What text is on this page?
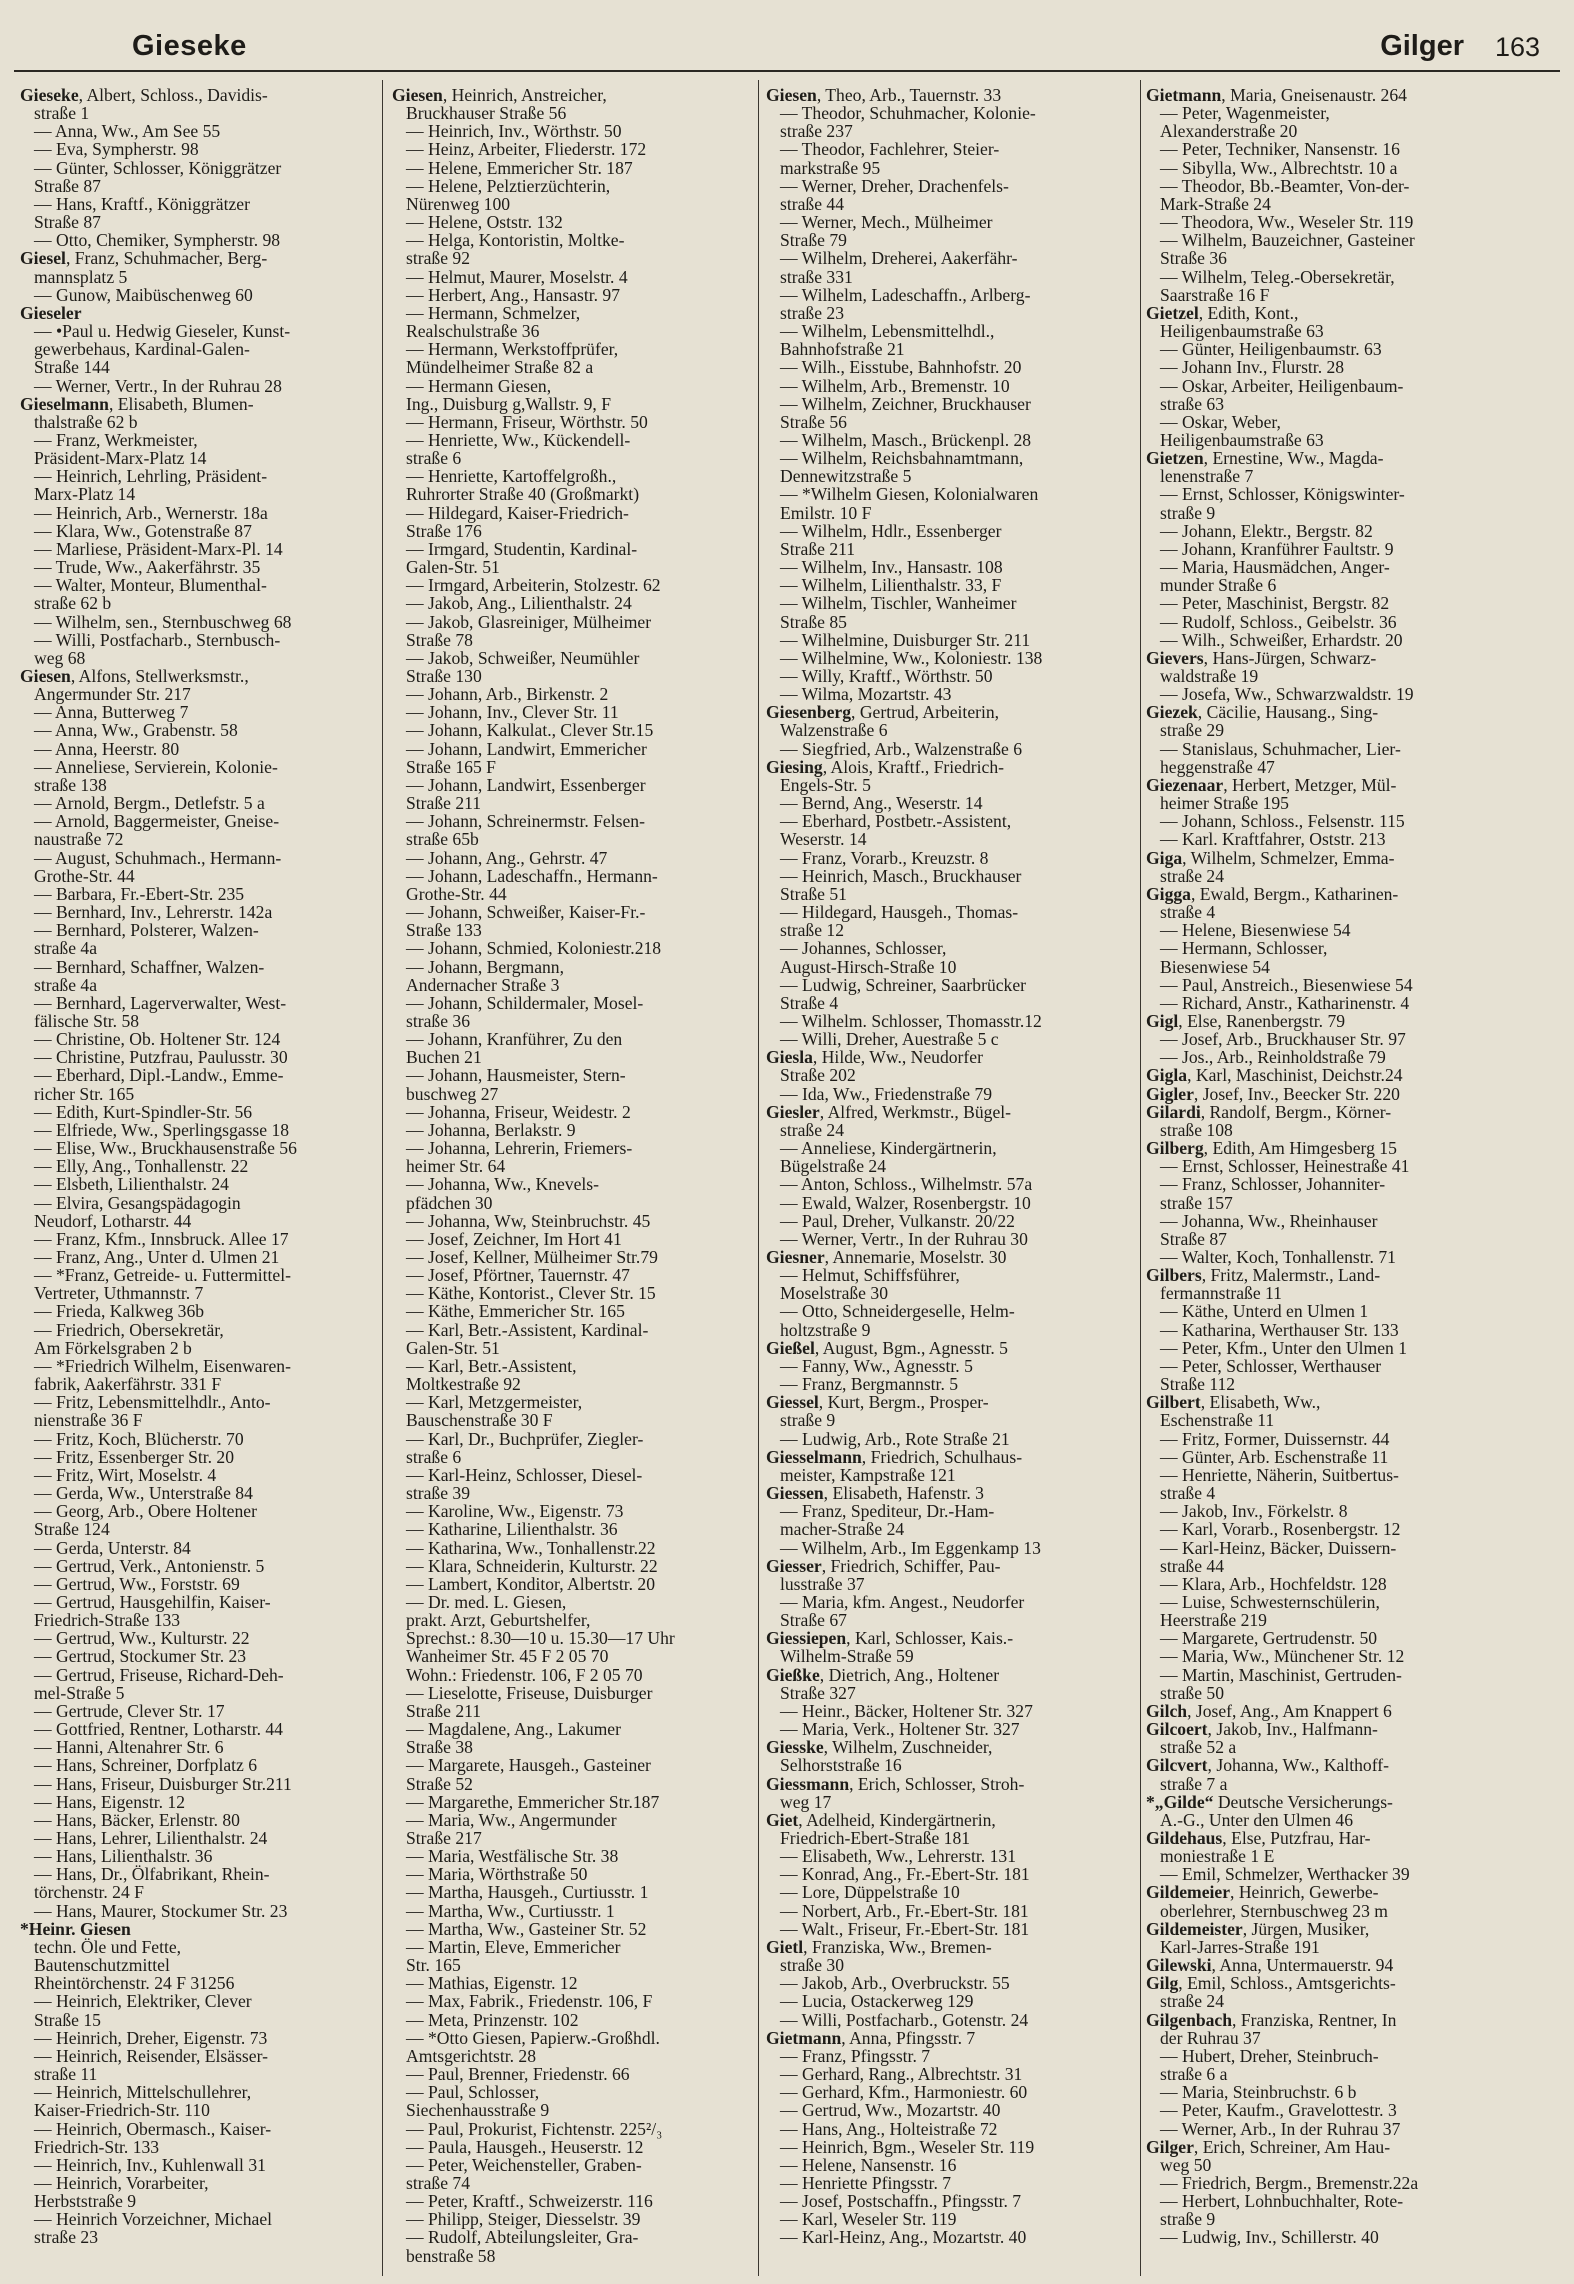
Gieseke	Gilger 163

Gieseke, Albert, Schloss., Davidis-

straße 1

— Anna, Ww., Am See 55

— Eva, Sympherstr. 98

— Günter, Schlosser, Königgrätzer

Straße 87

— Hans, Kraftf., Königgrätzer

Straße 87

— Otto, Chemiker, Sympherstr. 98

Giesel, Franz, Schuhmacher, Berg-

mannsplatz 5

— Gunow, Maibüschenweg 60

Gieseler

— •Paul u. Hedwig Gieseler, Kunst-

gewerbehaus, Kardinal-Galen-

Straße 144

— Werner, Vertr., In der Ruhrau 28

Gieselmann, Elisabeth, Blumen-

thalstraße 62 b

— Franz, Werkmeister,

Präsident-Marx-Platz 14

— Heinrich, Lehrling, Präsident-

Marx-Platz 14

— Heinrich, Arb., Wernerstr. 18a

— Klara, Ww., Gotenstraße 87

— Marliese, Präsident-Marx-Pl. 14

— Trude, Ww., Aakerfährstr. 35

— Walter, Monteur, Blumenthal-

straße 62 b

— Wilhelm, sen., Sternbuschweg 68

— Willi, Postfacharb., Sternbusch-

weg 68

Giesen, Alfons, Stellwerksmstr.,

Angermunder Str. 217

— Anna, Butterweg 7

— Anna, Ww., Grabenstr. 58

— Anna, Heerstr. 80

— Anneliese, Servierein, Koloniе-

straße 138

— Arnold, Bergm., Detlefstr. 5 a

— Arnold, Baggermeister, Gneise-

naustraße 72

— August, Schuhmach., Hermann-

Grothe-Str. 44

— Barbara, Fr.-Ebert-Str. 235

— Bernhard, Inv., Lehrerstr. 142a

— Bernhard, Polsterer, Walzen-

straße 4a

— Bernhard, Schaffner, Walzen-

straße 4a

— Bernhard, Lagerverwalter, West-

fälische Str. 58

— Christine, Ob. Holtener Str. 124

— Christine, Putzfrau, Paulusstr. 30

— Eberhard, Dipl.-Landw., Emme-

richer Str. 165

— Edith, Kurt-Spindler-Str. 56

— Elfriede, Ww., Sperlingsgasse 18

— Elise, Ww., Bruckhausenstraße 56

— Elly, Ang., Tonhallenstr. 22

— Elsbeth, Lilienthalstr. 24

— Elvira, Gesangspädagogin

Neudorf, Lotharstr. 44

— Franz, Kfm., Innsbruck. Allee 17

— Franz, Ang., Unter d. Ulmen 21

— *Franz, Getreide- u. Futtermittel-

Vertreter, Uthmannstr. 7

— Frieda, Kalkweg 36b

— Friedrich, Obersekretär,

Am Förkelsgraben 2 b

— *Friedrich Wilhelm, Eisenwaren-

fabrik, Aakerfährstr. 331 F

— Fritz, Lebensmittelhdlr., Anto-

nienstraße 36 F

— Fritz, Koch, Blücherstr. 70

— Fritz, Essenberger Str. 20

— Fritz, Wirt, Moselstr. 4

— Gerda, Ww., Unterstraße 84

— Georg, Arb., Obere Holtener

Straße 124

— Gerda, Unterstr. 84

— Gertrud, Verk., Antonienstr. 5

— Gertrud, Ww., Forststr. 69

— Gertrud, Hausgehilfin, Kaiser-

Friedrich-Straße 133

— Gertrud, Ww., Kulturstr. 22

— Gertrud, Stockumer Str. 23

— Gertrud, Friseuse, Richard-Deh-

mel-Straße 5

— Gertrude, Clever Str. 17

— Gottfried, Rentner, Lotharstr. 44

— Hanni, Altenahrer Str. 6

— Hans, Schreiner, Dorfplatz 6

— Hans, Friseur, Duisburger Str.211

— Hans, Eigenstr. 12

— Hans, Bäcker, Erlenstr. 80

— Hans, Lehrer, Lilienthalstr. 24

— Hans, Lilienthalstr. 36

— Hans, Dr., Ölfabrikant, Rhein-

törchenstr. 24 F

— Hans, Maurer, Stockumer Str. 23

*Heinr. Giesen

techn. Öle und Fette,

Bautenschutzmittel

Rheintörchenstr. 24 F 31256

— Heinrich, Elektriker, Clever

Straße 15

— Heinrich, Dreher, Eigenstr. 73

— Heinrich, Reisender, Elsässer-

straße 11

— Heinrich, Mittelschullehrer,

Kaiser-Friedrich-Str. 110

— Heinrich, Obermasch., Kaiser-

Friedrich-Str. 133

— Heinrich, Inv., Kuhlenwall 31

— Heinrich, Vorarbeiter,

Herbststraße 9

— Heinrich Vorzeichner, Michael

straße 23

Giesen, Heinrich, Anstreicher,

Bruckhauser Straße 56

— Heinrich, Inv., Wörthstr. 50

— Heinz, Arbeiter, Fliederstr. 172

— Helene, Emmericher Str. 187

— Helene, Pelztierzüchterin,

Nürenweg 100

— Helene, Oststr. 132

— Helga, Kontoristin, Moltke-

straße 92

— Helmut, Maurer, Moselstr. 4

— Herbert, Ang., Hansastr. 97

— Hermann, Schmelzer,

Realschulstraße 36

— Hermann, Werkstoffprüfer,

Mündelheimer Straße 82 a

— Hermann Giesen,

Ing., Duisburg g,Wallstr. 9, F

— Hermann, Friseur, Wörthstr. 50

— Henriette, Ww., Kückendell-

straße 6

— Henriette, Kartoffelgroßh.,

Ruhrorter Straße 40 (Großmarkt)

— Hildegard, Kaiser-Friedrich-

Straße 176

— Irmgard, Studentin, Kardinal-

Galen-Str. 51

— Irmgard, Arbeiterin, Stolzestr. 62

— Jakob, Ang., Lilienthalstr. 24

— Jakob, Glasreiniger, Mülheimer

Straße 78

— Jakob, Schweißer, Neumühler

Straße 130

— Johann, Arb., Birkenstr. 2

— Johann, Inv., Clever Str. 11

— Johann, Kalkulat., Clever Str.15

— Johann, Landwirt, Emmericher

Straße 165 F

— Johann, Landwirt, Essenberger

Straße 211

— Johann, Schreinermstr. Felsen-

straße 65b

— Johann, Ang., Gehrstr. 47

— Johann, Ladeschaffn., Hermann-

Grothe-Str. 44

— Johann, Schweißer, Kaiser-Fr.-

Straße 133

— Johann, Schmied, Koloniestr.218

— Johann, Bergmann,

Andernacher Straße 3

— Johann, Schildermaler, Mosel-

straße 36

— Johann, Kranführer, Zu den

Buchen 21

— Johann, Hausmeister, Stern-

buschweg 27

— Johanna, Friseur, Weidestr. 2

— Johanna, Berlakstr. 9

— Johanna, Lehrerin, Friemers-

heimer Str. 64

— Johanna, Ww., Knevels-

pfädchen 30

— Johanna, Ww, Steinbruchstr. 45

— Josef, Zeichner, Im Hort 41

— Josef, Kellner, Mülheimer Str.79

— Josef, Pförtner, Tauernstr. 47

— Käthe, Kontorist., Clever Str. 15

— Käthe, Emmericher Str. 165

— Karl, Betr.-Assistent, Kardinal-

Galen-Str. 51

— Karl, Betr.-Assistent,

Moltkestraße 92

— Karl, Metzgermeister,

Bauschenstraße 30 F

— Karl, Dr., Buchprüfer, Ziegler-

straße 6

— Karl-Heinz, Schlosser, Diesel-

straße 39

— Karoline, Ww., Eigenstr. 73

— Katharine, Lilienthalstr. 36

— Katharina, Ww., Tonhallenstr.22

— Klara, Schneiderin, Kulturstr. 22

— Lambert, Konditor, Albertstr. 20

— Dr. med. L. Giesen,

prakt. Arzt, Geburtshelfer,

Sprechst.: 8.30—10 u. 15.30—17 Uhr

Wanheimer Str. 45 F 2 05 70

Wohn.: Friedenstr. 106, F 2 05 70

— Lieselotte, Friseuse, Duisburger

Straße 211

— Magdalene, Ang., Lakumer

Straße 38

— Margarete, Hausgeh., Gasteiner

Straße 52

— Margarethe, Emmericher Str.187

— Maria, Ww., Angermunder

Straße 217

— Maria, Westfälische Str. 38

— Maria, Wörthstraße 50

— Martha, Hausgeh., Curtiusstr. 1

— Martha, Ww., Curtiusstr. 1

— Martha, Ww., Gasteiner Str. 52

— Martin, Eleve, Emmericher

Str. 165

— Mathias, Eigenstr. 12

— Max, Fabrik., Friedenstr. 106, F

— Meta, Prinzenstr. 102

— *Otto Giesen, Papierw.-Großhdl.

Amtsgerichtstr. 28

— Paul, Brenner, Friedenstr. 66

— Paul, Schlosser,

Siechenhausstraße 9

— Paul, Prokurist, Fichtenstr. 225²/₃

— Paula, Hausgeh., Heuserstr. 12

— Peter, Weichensteller, Graben-

straße 74

— Peter, Kraftf., Schweizerstr. 116

— Philipp, Steiger, Diesselstr. 39

— Rudolf, Abteilungsleiter, Gra-

benstraße 58

Giesen, Theo, Arb., Tauernstr. 33

— Theodor, Schuhmacher, Kolonie-

straße 237

— Theodor, Fachlehrer, Steier-

markstraße 95

— Werner, Dreher, Drachenfels-

straße 44

— Werner, Mech., Mülheimer

Straße 79

— Wilhelm, Dreherei, Aakerfähr-

straße 331

— Wilhelm, Ladeschaffn., Arlberg-

straße 23

— Wilhelm, Lebensmittelhdl.,

Bahnhofstraße 21

— Wilh., Eisstube, Bahnhofstr. 20

— Wilhelm, Arb., Bremenstr. 10

— Wilhelm, Zeichner, Bruckhauser

Straße 56

— Wilhelm, Masch., Brückenpl. 28

— Wilhelm, Reichsbahnamtmann,

Dennewitzstraße 5

— *Wilhelm Giesen, Kolonialwaren

Emilstr. 10 F

— Wilhelm, Hdlr., Essenberger

Straße 211

— Wilhelm, Inv., Hansastr. 108

— Wilhelm, Lilienthalstr. 33, F

— Wilhelm, Tischler, Wanheimer

Straße 85

— Wilhelmine, Duisburger Str. 211

— Wilhelmine, Ww., Koloniestr. 138

— Willy, Kraftf., Wörthstr. 50

— Wilma, Mozartstr. 43

Giesenberg, Gertrud, Arbeiterin,

Walzenstraße 6

— Siegfried, Arb., Walzenstraße 6

Giesing, Alois, Kraftf., Friedrich-

Engels-Str. 5

— Bernd, Ang., Weserstr. 14

— Eberhard, Postbetr.-Assistent,

Weserstr. 14

— Franz, Vorarb., Kreuzstr. 8

— Heinrich, Masch., Bruckhauser

Straße 51

— Hildegard, Hausgeh., Thomas-

straße 12

— Johannes, Schlosser,

August-Hirsch-Straße 10

— Ludwig, Schreiner, Saarbrücker

Straße 4

— Wilhelm. Schlosser, Thomasstr.12

— Willi, Dreher, Auestraße 5 c

Giesla, Hilde, Ww., Neudorfer

Straße 202

— Ida, Ww., Friedenstraße 79

Giesler, Alfred, Werkmstr., Bügel-

straße 24

— Anneliese, Kindergärtnerin,

Bügelstraße 24

— Anton, Schloss., Wilhelmstr. 57a

— Ewald, Walzer, Rosenbergstr. 10

— Paul, Dreher, Vulkanstr. 20/22

— Werner, Vertr., In der Ruhrau 30

Giesner, Annemarie, Moselstr. 30

— Helmut, Schiffsführer,

Moselstraße 30

— Otto, Schneidergeselle, Helm-

holtzstraße 9

Gießel, August, Bgm., Agnesstr. 5

— Fanny, Ww., Agnesstr. 5

— Franz, Bergmannstr. 5

Giessel, Kurt, Bergm., Prosper-

straße 9

— Ludwig, Arb., Rote Straße 21

Giesselmann, Friedrich, Schulhaus-

meister, Kampstraße 121

Giessen, Elisabeth, Hafenstr. 3

— Franz, Spediteur, Dr.-Ham-

macher-Straße 24

— Wilhelm, Arb., Im Eggenkamp 13

Giesser, Friedrich, Schiffer, Pau-

lusstraße 37

— Maria, kfm. Angest., Neudorfer

Straße 67

Giessiepen, Karl, Schlosser, Kais.-

Wilhelm-Straße 59

Gießke, Dietrich, Ang., Holtener

Straße 327

— Heinr., Bäcker, Holtener Str. 327

— Maria, Verk., Holtener Str. 327

Giesske, Wilhelm, Zuschneider,

Selhorststraße 16

Giessmann, Erich, Schlosser, Stroh-

weg 17

Giet, Adelheid, Kindergärtnerin,

Friedrich-Ebert-Straße 181

— Elisabeth, Ww., Lehrerstr. 131

— Konrad, Ang., Fr.-Ebert-Str. 181

— Lore, Düppelstraße 10

— Norbert, Arb., Fr.-Ebert-Str. 181

— Walt., Friseur, Fr.-Ebert-Str. 181

Gietl, Franziska, Ww., Bremen-

straße 30

— Jakob, Arb., Overbruckstr. 55

— Lucia, Ostackerweg 129

— Willi, Postfacharb., Gotenstr. 24

Gietmann, Anna, Pfingsstr. 7

— Franz, Pfingsstr. 7

— Gerhard, Rang., Albrechtstr. 31

— Gerhard, Kfm., Harmoniestr. 60

— Gertrud, Ww., Mozartstr. 40

— Hans, Ang., Holteistraße 72

— Heinrich, Bgm., Weseler Str. 119

— Helene, Nansenstr. 16

— Henriette Pfingsstr. 7

— Josef, Postschaffn., Pfingsstr. 7

— Karl, Weseler Str. 119

— Karl-Heinz, Ang., Mozartstr. 40

Gietmann, Maria, Gneisenaustr. 264

— Peter, Wagenmeister,

Alexanderstraße 20

— Peter, Techniker, Nansenstr. 16

— Sibylla, Ww., Albrechtstr. 10 a

— Theodor, Bb.-Beamter, Von-der-

Mark-Straße 24

— Theodora, Ww., Weseler Str. 119

— Wilhelm, Bauzeichner, Gasteiner

Straße 36

— Wilhelm, Teleg.-Obersekretär,

Saarstraße 16 F

Gietzel, Edith, Kont.,

Heiligenbaumstraße 63

— Günter, Heiligenbaumstr. 63

— Johann Inv., Flurstr. 28

— Oskar, Arbeiter, Heiligenbaum-

straße 63

— Oskar, Weber,

Heiligenbaumstraße 63

Gietzen, Ernestine, Ww., Magda-

lenenstraße 7

— Ernst, Schlosser, Königswinter-

straße 9

— Johann, Elektr., Bergstr. 82

— Johann, Kranführer Faultstr. 9

— Maria, Hausmädchen, Anger-

munder Straße 6

— Peter, Maschinist, Bergstr. 82

— Rudolf, Schloss., Geibelstr. 36

— Wilh., Schweißer, Erhardstr. 20

Gievers, Hans-Jürgen, Schwarz-

waldstraße 19

— Josefa, Ww., Schwarzwaldstr. 19

Giezek, Cäcilie, Hausang., Sing-

straße 29

— Stanislaus, Schuhmacher, Lier-

heggenstraße 47

Giezenaar, Herbert, Metzger, Mül-

heimer Straße 195

— Johann, Schloss., Felsenstr. 115

— Karl. Kraftfahrer, Oststr. 213

Giga, Wilhelm, Schmelzer, Emma-

straße 24

Gigga, Ewald, Bergm., Katharinen-

straße 4

— Helene, Biesenwiese 54

— Hermann, Schlosser,

Biesenwiese 54

— Paul, Anstreich., Biesenwiese 54

— Richard, Anstr., Katharinenstr. 4

Gigl, Else, Ranenbergstr. 79

— Josef, Arb., Bruckhauser Str. 97

— Jos., Arb., Reinholdstraße 79

Gigla, Karl, Maschinist, Deichstr.24

Gigler, Josef, Inv., Beecker Str. 220

Gilardi, Randolf, Bergm., Körner-

straße 108

Gilberg, Edith, Am Himgesberg 15

— Ernst, Schlosser, Heinestraße 41

— Franz, Schlosser, Johanniter-

straße 157

— Johanna, Ww., Rheinhauser

Straße 87

— Walter, Koch, Tonhallenstr. 71

Gilbers, Fritz, Malermstr., Land-

fermannstraße 11

— Käthe, Unterd en Ulmen 1

— Katharina, Werthauser Str. 133

— Peter, Kfm., Unter den Ulmen 1

— Peter, Schlosser, Werthauser

Straße 112

Gilbert, Elisabeth, Ww.,

Eschenstraße 11

— Fritz, Former, Duissernstr. 44

— Günter, Arb. Eschenstraße 11

— Henriette, Näherin, Suitbertus-

straße 4

— Jakob, Inv., Förkelstr. 8

— Karl, Vorarb., Rosenbergstr. 12

— Karl-Heinz, Bäcker, Duissern-

straße 44

— Klara, Arb., Hochfeldstr. 128

— Luise, Schwesternschülerin,

Heerstraße 219

— Margarete, Gertrudenstr. 50

— Maria, Ww., Münchener Str. 12

— Martin, Maschinist, Gertruden-

straße 50

Gilch, Josef, Ang., Am Knappert 6

Gilcoert, Jakob, Inv., Halfmann-

straße 52 a

Gilcvert, Johanna, Ww., Kalthoff-

straße 7 a

*„Gilde“ Deutsche Versicherungs-

A.-G., Unter den Ulmen 46

Gildehaus, Else, Putzfrau, Har-

moniestraße 1 E

— Emil, Schmelzer, Werthacker 39

Gildemeier, Heinrich, Gewerbe-

oberlehrer, Sternbuschweg 23 m

Gildemeister, Jürgen, Musiker,

Karl-Jarres-Straße 191

Gilewski, Anna, Untermauerstr. 94

Gilg, Emil, Schloss., Amtsgerichts-

straße 24

Gilgenbach, Franziska, Rentner, In

der Ruhrau 37

— Hubert, Dreher, Steinbruch-

straße 6 a

— Maria, Steinbruchstr. 6 b

— Peter, Kaufm., Gravelottestr. 3

— Werner, Arb., In der Ruhrau 37

Gilger, Erich, Schreiner, Am Hau-

weg 50

— Friedrich, Bergm., Bremenstr.22a

— Herbert, Lohnbuchhalter, Rote-

straße 9

— Ludwig, Inv., Schillerstr. 40
